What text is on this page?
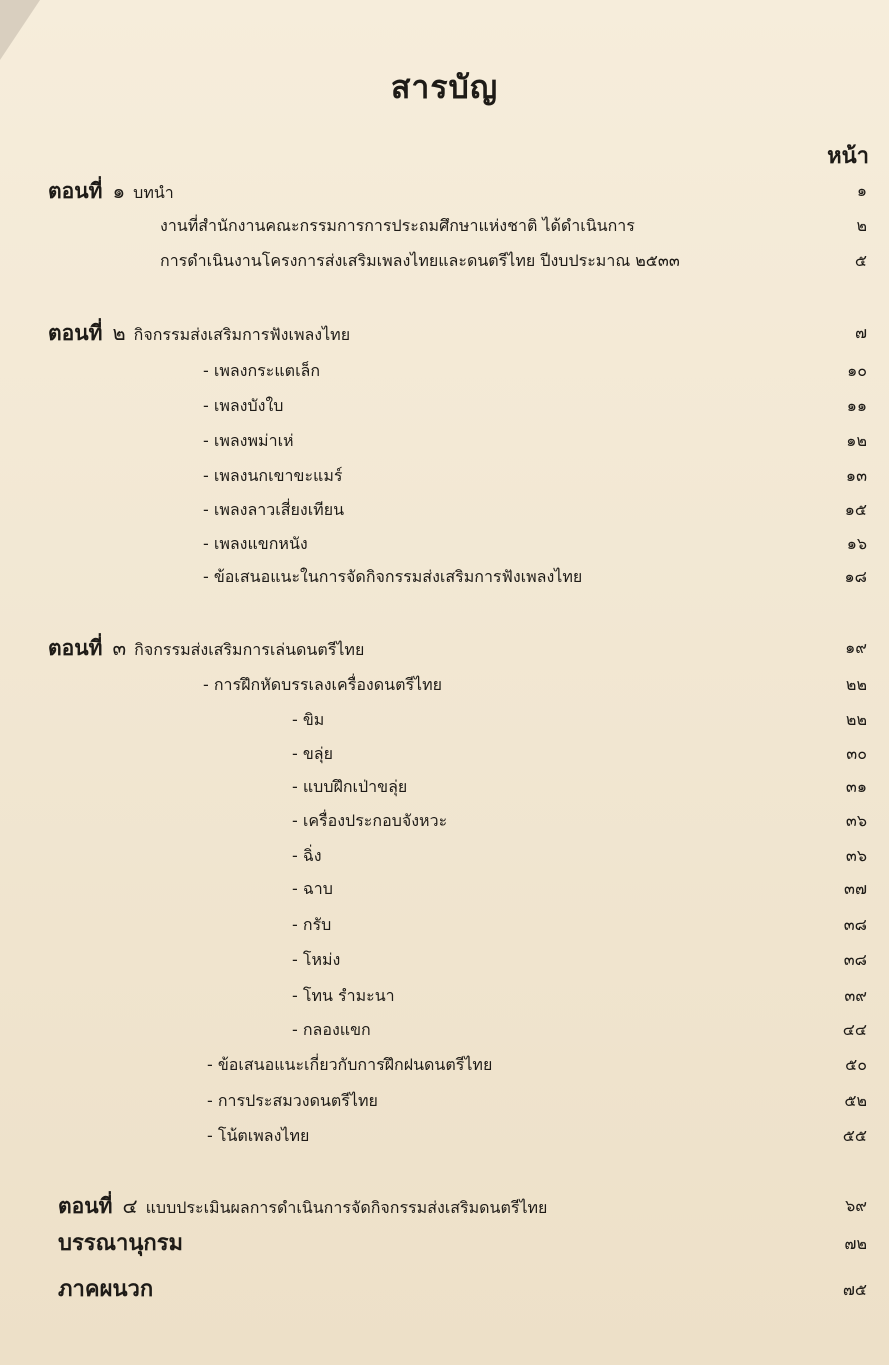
สารบัญ
หน้า
ตอนที่ ๑ บทนำ	๑
งานที่สำนักงานคณะกรรมการการประถมศึกษาแห่งชาติ ได้ดำเนินการ	๒
การดำเนินงานโครงการส่งเสริมเพลงไทยและดนตรีไทย ปีงบประมาณ ๒๕๓๓	๕
ตอนที่ ๒ กิจกรรมส่งเสริมการฟังเพลงไทย	๗
- เพลงกระแตเล็ก	๑๐
- เพลงบังใบ	๑๑
- เพลงพม่าเห่	๑๒
- เพลงนกเขาขะแมร์	๑๓
- เพลงลาวเสี่ยงเทียน	๑๕
- เพลงแขกหนัง	๑๖
- ข้อเสนอแนะในการจัดกิจกรรมส่งเสริมการฟังเพลงไทย	๑๘
ตอนที่ ๓ กิจกรรมส่งเสริมการเล่นดนตรีไทย	๑๙
- การฝึกหัดบรรเลงเครื่องดนตรีไทย	๒๒
- ขิม	๒๒
- ขลุ่ย	๓๐
- แบบฝึกเป่าขลุ่ย	๓๑
- เครื่องประกอบจังหวะ	๓๖
- ฉิ่ง	๓๖
- ฉาบ	๓๗
- กรับ	๓๘
- โหม่ง	๓๘
- โทน รำมะนา	๓๙
- กลองแขก	๔๔
- ข้อเสนอแนะเกี่ยวกับการฝึกฝนดนตรีไทย	๕๐
- การประสมวงดนตรีไทย	๕๒
- โน้ตเพลงไทย	๕๕
ตอนที่ ๔ แบบประเมินผลการดำเนินการจัดกิจกรรมส่งเสริมดนตรีไทย	๖๙
บรรณานุกรม	๗๒
ภาคผนวก	๗๕
